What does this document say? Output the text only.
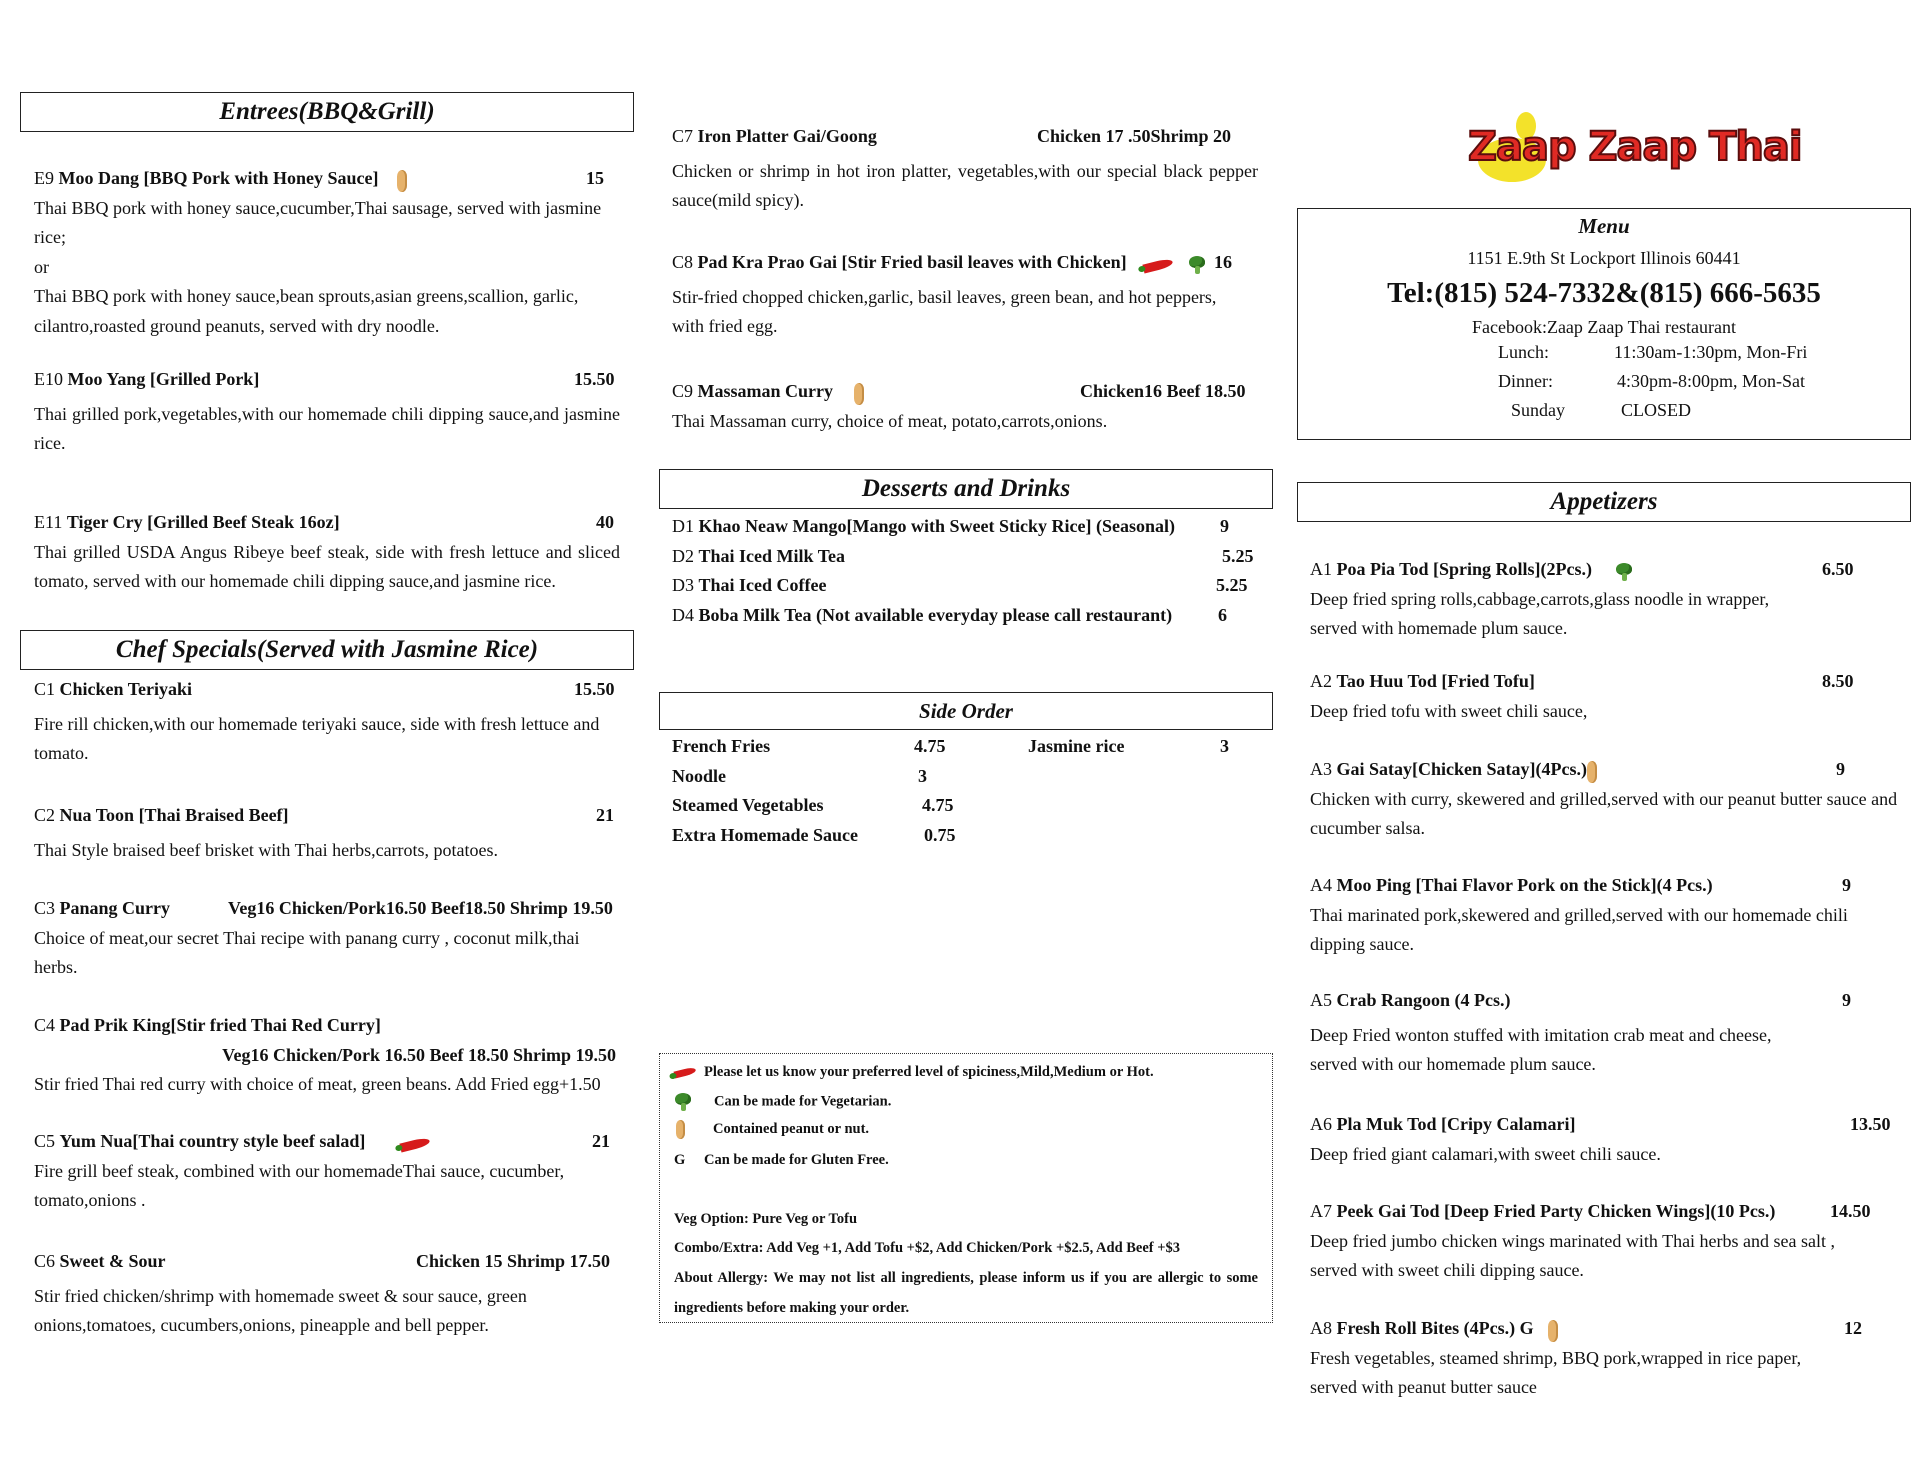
Entrees(BBQ&Grill)
E9 Moo Dang [BBQ Pork with Honey Sauce]	15
Thai BBQ pork with honey sauce,cucumber,Thai sausage, served with jasmine rice;
or
Thai BBQ pork with honey sauce,bean sprouts,asian greens,scallion, garlic, cilantro,roasted ground peanuts, served with dry noodle.
E10 Moo Yang [Grilled Pork]	15.50
Thai grilled pork,vegetables,with our homemade chili dipping sauce,and jasmine rice.
E11 Tiger Cry [Grilled Beef Steak 16oz]	40
Thai grilled USDA Angus Ribeye beef steak, side with fresh lettuce and sliced tomato, served with our homemade chili dipping sauce,and jasmine rice.
Chef Specials(Served with Jasmine Rice)
C1 Chicken Teriyaki	15.50
Fire rill chicken,with our homemade teriyaki sauce, side with fresh lettuce and tomato.
C2 Nua Toon [Thai Braised Beef]	21
Thai Style braised beef brisket with Thai herbs,carrots, potatoes.
C3 Panang Curry	Veg16 Chicken/Pork16.50 Beef18.50 Shrimp 19.50
Choice of meat,our secret Thai recipe with panang curry , coconut milk,thai herbs.
C4 Pad Prik King[Stir fried Thai Red Curry]
Veg16 Chicken/Pork 16.50 Beef 18.50 Shrimp 19.50
Stir fried Thai red curry with choice of meat, green beans. Add Fried egg+1.50
C5 Yum Nua[Thai country style beef salad]	21
Fire grill beef steak, combined with our homemadeThai sauce, cucumber, tomato,onions .
C6 Sweet & Sour	Chicken 15 Shrimp 17.50
Stir fried chicken/shrimp with homemade sweet & sour sauce, green onions,tomatoes, cucumbers,onions, pineapple and bell pepper.
C7 Iron Platter Gai/Goong	Chicken 17 .50Shrimp 20
Chicken or shrimp in hot iron platter, vegetables,with our special black pepper sauce(mild spicy).
C8 Pad Kra Prao Gai [Stir Fried basil leaves with Chicken]	16
Stir-fried chopped chicken,garlic, basil leaves, green bean, and hot peppers, with fried egg.
C9 Massaman Curry	Chicken16 Beef 18.50
Thai Massaman curry, choice of meat, potato,carrots,onions.
Desserts and Drinks
D1 Khao Neaw Mango[Mango with Sweet Sticky Rice] (Seasonal)	9
D2 Thai Iced Milk Tea	5.25
D3 Thai Iced Coffee	5.25
D4 Boba Milk Tea (Not available everyday please call restaurant)	6
Side Order
French Fries	4.75	Jasmine rice	3
Noodle	3
Steamed Vegetables	4.75
Extra Homemade Saucе	0.75
Please let us know your preferred level of spiciness,Mild,Medium or Hot.
Can be made for Vegetarian.
Contained peanut or nut.
G Can be made for Gluten Free.
Veg Option: Pure Veg or Tofu
Combo/Extra: Add Veg +1, Add Tofu +$2, Add Chicken/Pork +$2.5, Add Beef +$3
About Allergy: We may not list all ingredients, please inform us if you are allergic to some ingredients before making your order.
Zaap Zaap Thai
Menu
1151 E.9th St Lockport Illinois 60441
Tel:(815) 524-7332&(815) 666-5635
Facebook:Zaap Zaap Thai restaurant
Lunch:	11:30am-1:30pm, Mon-Fri
Dinner:	4:30pm-8:00pm, Mon-Sat
Sunday	CLOSED
Appetizers
A1 Poa Pia Tod [Spring Rolls](2Pcs.)	6.50
Deep fried spring rolls,cabbage,carrots,glass noodle in wrapper, served with homemade plum sauce.
A2 Tao Huu Tod [Fried Tofu]	8.50
Deep fried tofu with sweet chili sauce,
A3 Gai Satay[Chicken Satay](4Pcs.)	9
Chicken with curry, skewered and grilled,served with our peanut butter sauce and cucumber salsa.
A4 Moo Ping [Thai Flavor Pork on the Stick](4 Pcs.)	9
Thai marinated pork,skewered and grilled,served with our homemade chili dipping sauce.
A5 Crab Rangoon (4 Pcs.)	9
Deep Fried wonton stuffed with imitation crab meat and cheese, served with our homemade plum sauce.
A6 Pla Muk Tod [Cripy Calamari]	13.50
Deep fried giant calamari,with sweet chili sauce.
A7 Peek Gai Tod [Deep Fried Party Chicken Wings](10 Pcs.)	14.50
Deep fried jumbo chicken wings marinated with Thai herbs and sea salt , served with sweet chili dipping sauce.
A8 Fresh Roll Bites (4Pcs.) G	12
Fresh vegetables, steamed shrimp, BBQ pork,wrapped in rice paper, served with peanut butter sauce
